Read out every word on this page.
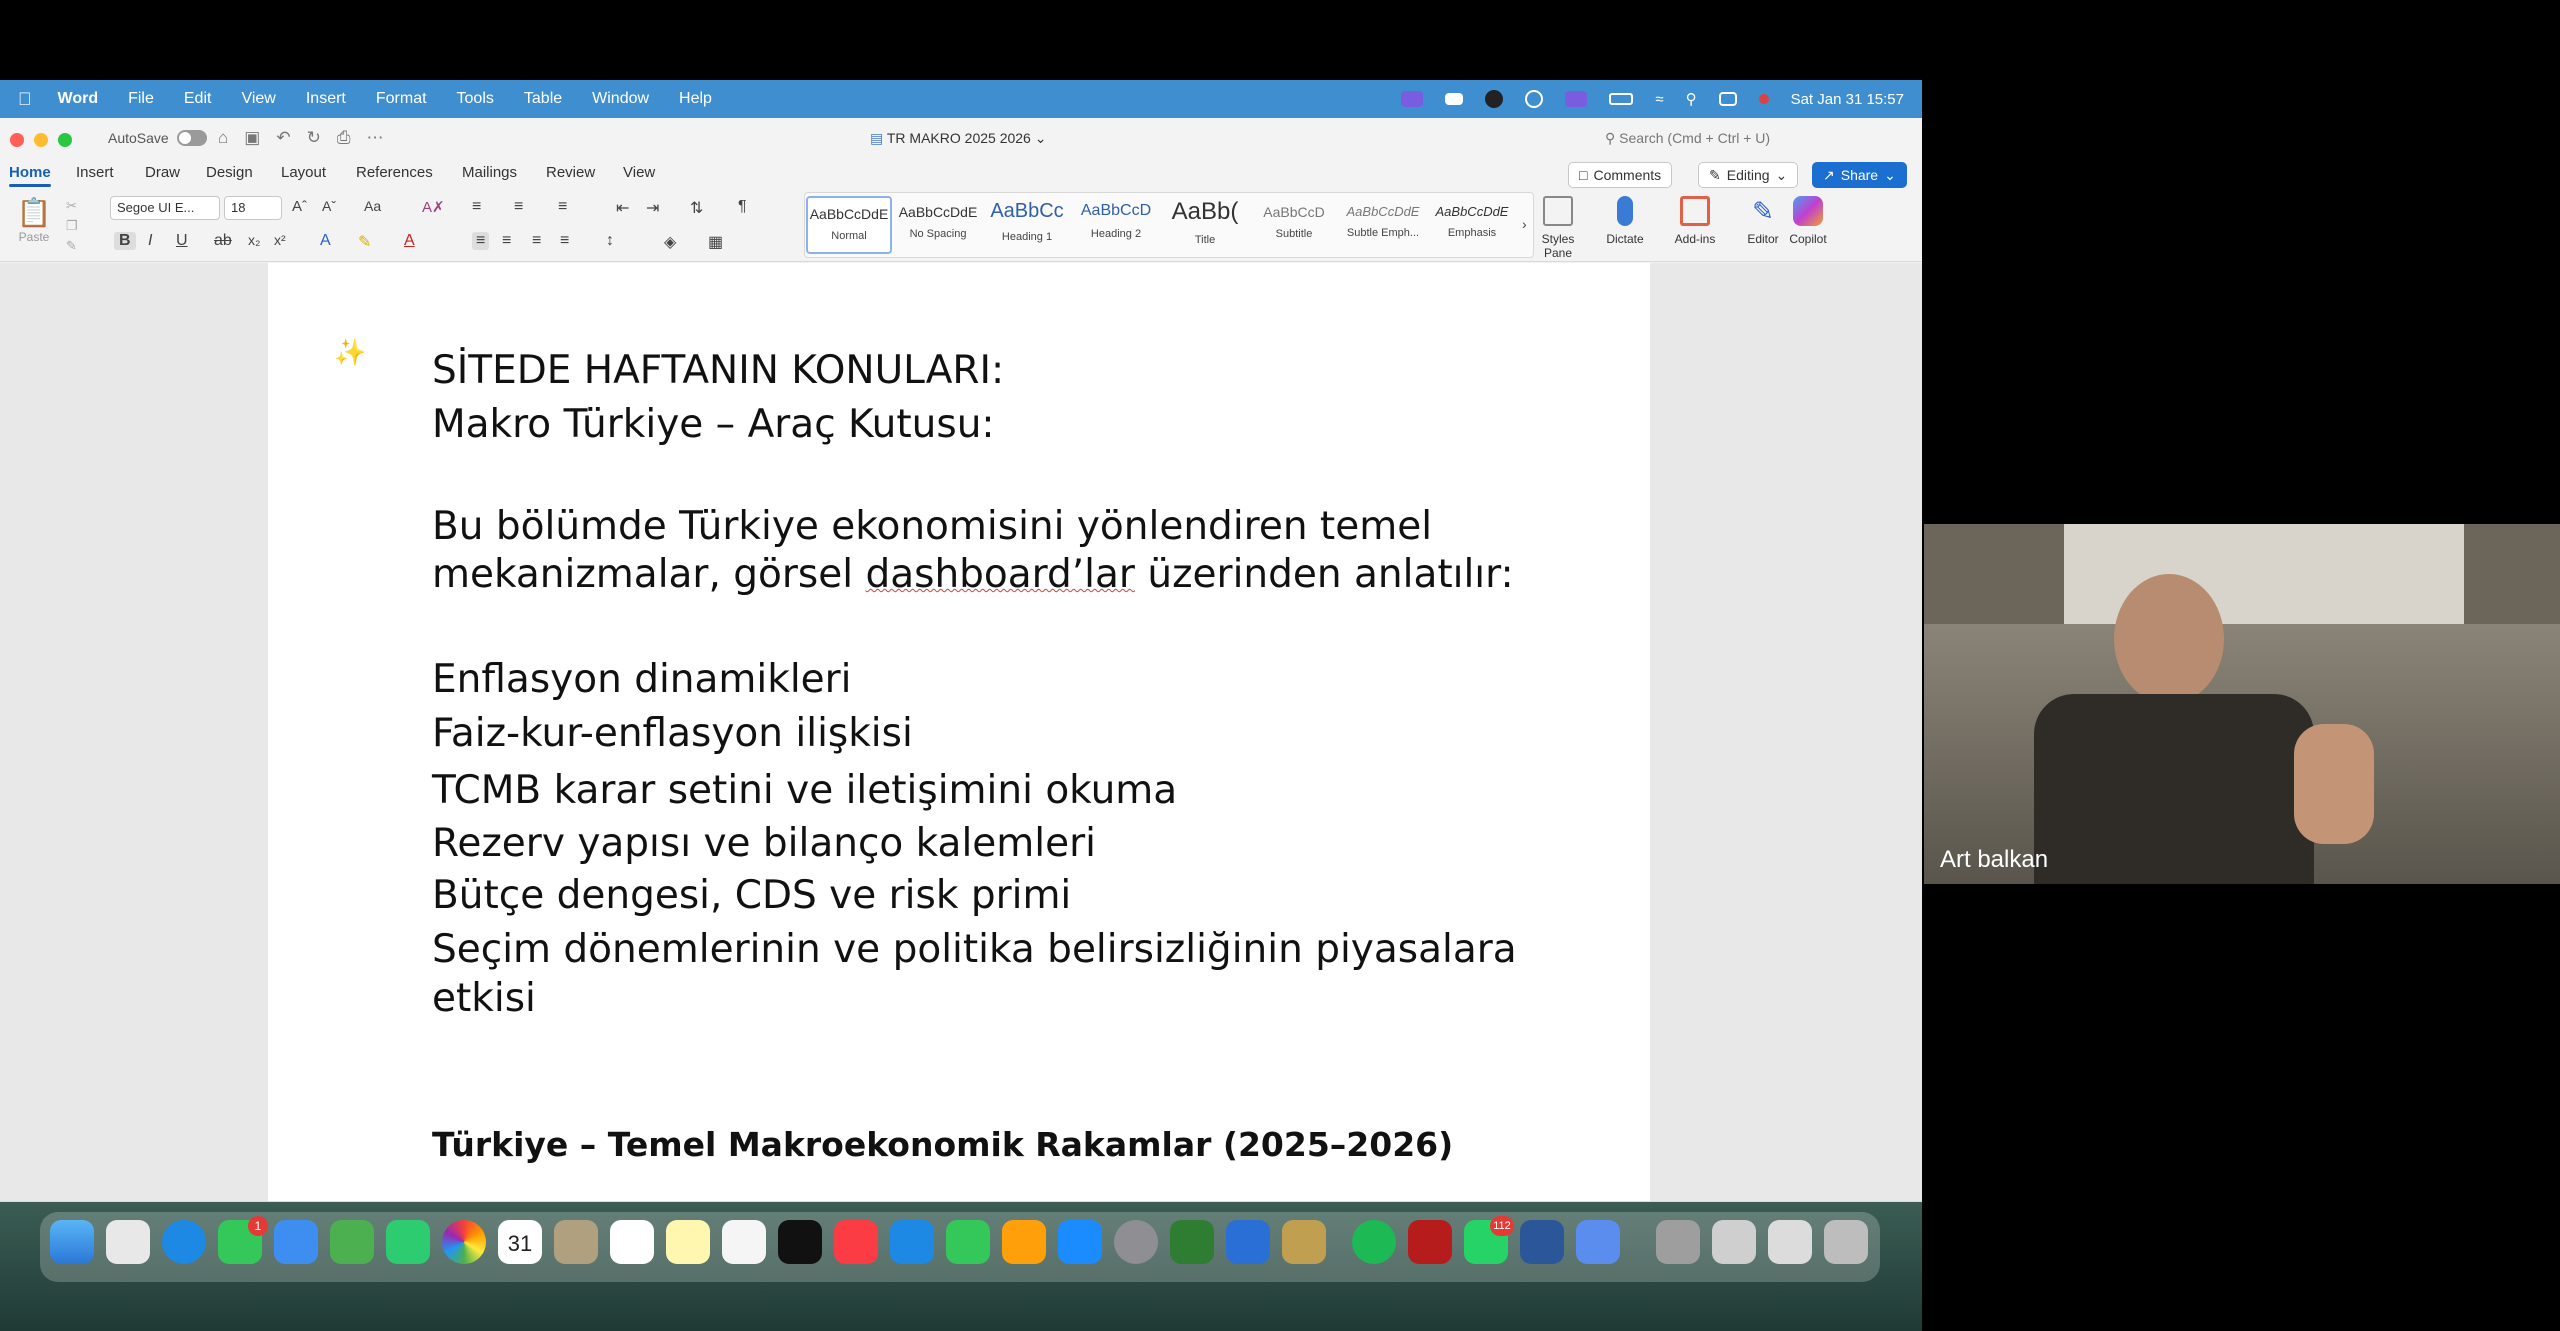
Word File Edit View Insert Format Tools Table Window Help	≈ ⚲	Sat Jan 31 15:57
AutoSave	⌂ ▣ ↶ ↻ ⎙ ⋯	▤ TR MAKRO 2025 2026 ⌄	⚲ Search (Cmd + Ctrl + U)
Home Insert Draw Design Layout References Mailings Review View	□ Comments	✎ Editing ⌄	↗ Share ⌄
📋
Paste
✂
❐
✎
Segoe UI E...	18	Aˆ Aˇ Aa	A✗
B	I U ab x₂ x² A ✎ A
≡ ≡ ≡	⇤ ⇥ ⇅ ¶
≡ ≡ ≡ ≡ ↕	◈ ▦
AaBbCcDdE
Normal
AaBbCcDdE
No Spacing
AaBbCc
Heading 1
AaBbCcD
Heading 2
AaBb(
Title
AaBbCcD
Subtitle
AaBbCcDdE
Subtle Emph...
AaBbCcDdE
Emphasis
›
Styles Pane
Dictate	Add-ins
✎
Editor Copilot
✨ SİTEDE HAFTANIN KONULARI:
Makro Türkiye – Araç Kutusu:
Bu bölümde Türkiye ekonomisini yönlendiren temel
mekanizmalar, görsel dashboard’lar üzerinden anlatılır:
Enflasyon dinamikleri
Faiz-kur-enflasyon ilişkisi
TCMB karar setini ve iletişimini okuma
Rezerv yapısı ve bilanço kalemleri
Bütçe dengesi, CDS ve risk primi
Seçim dönemlerinin ve politika belirsizliğinin piyasalara
etkisi
Türkiye – Temel Makroekonomik Rakamlar (2025–2026)
1
31
112
Art balkan
